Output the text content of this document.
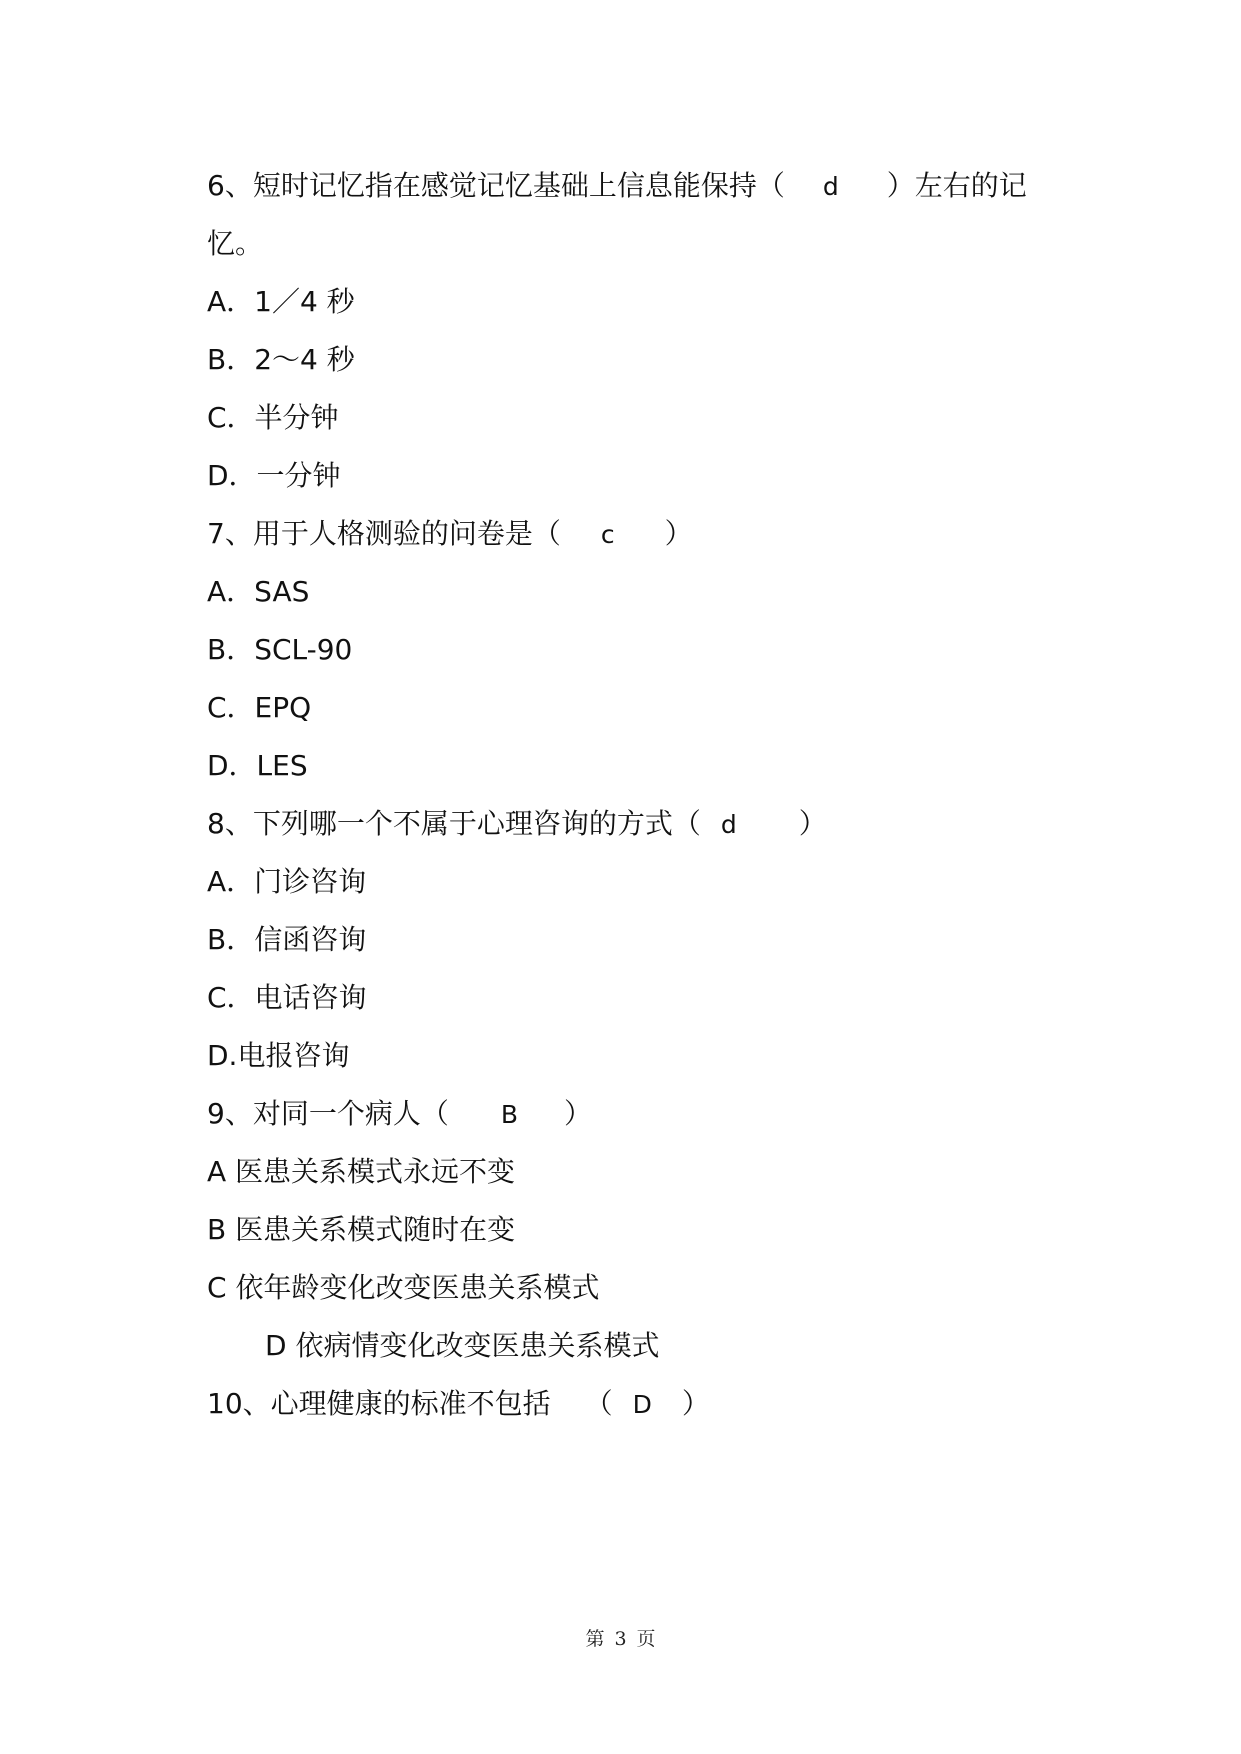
6、短时记忆指在感觉记忆基础上信息能保持（ d ）左右的记
忆。
A．1／4 秒
B．2～4 秒
C．半分钟
D．一分钟
7、用于人格测验的问卷是（ c ）
A．SAS
B．SCL-90
C．EPQ
D．LES
8、下列哪一个不属于心理咨询的方式（ d ）
A．门诊咨询
B．信函咨询
C．电话咨询
D.电报咨询
9、对同一个病人（ B ）
A 医患关系模式永远不变
B 医患关系模式随时在变
C 依年龄变化改变医患关系模式
D 依病情变化改变医患关系模式
10、心理健康的标准不包括 （ D ）
第 3 页
